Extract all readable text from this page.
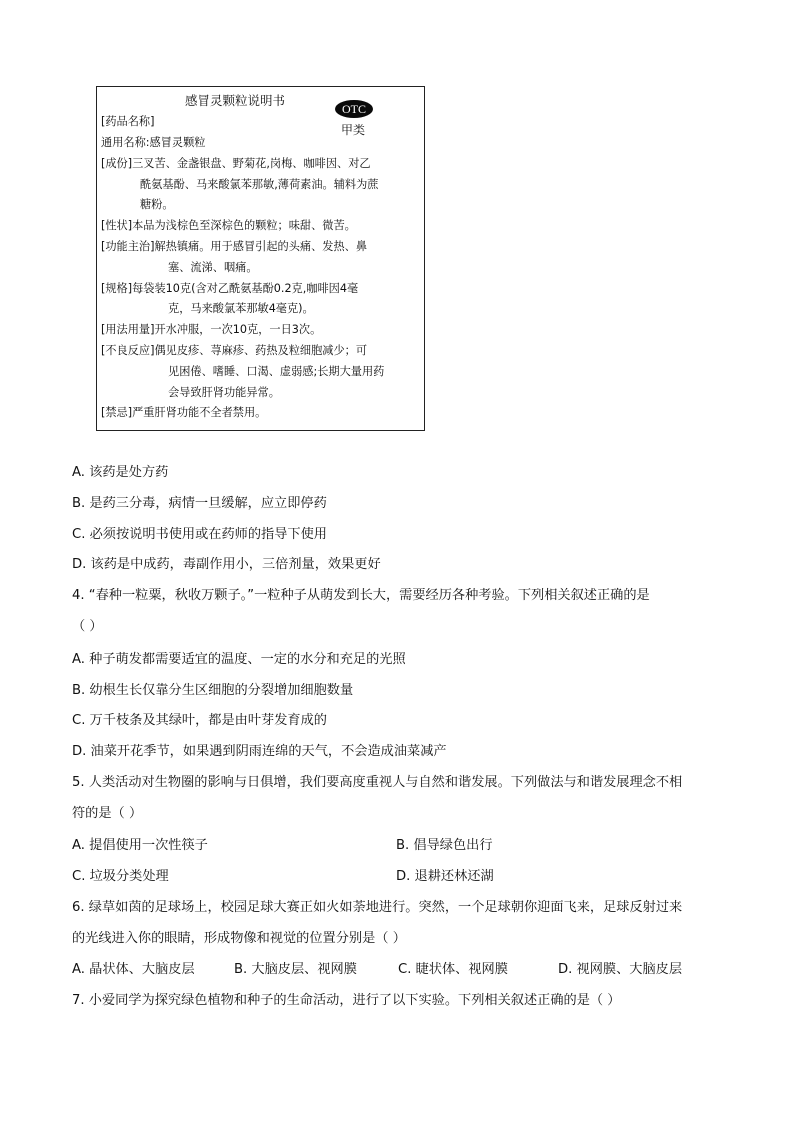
感冒灵颗粒说明书
OTC
甲类
[药品名称]
通用名称:感冒灵颗粒
[成份]三叉苦、金盏银盘、野菊花,岗梅、咖啡因、对乙
酰氨基酚、马来酸氯苯那敏,薄荷素油。辅料为蔗
糖粉。
[性状]本品为浅棕色至深棕色的颗粒；味甜、微苦。
[功能主治]解热镇痛。用于感冒引起的头痛、发热、鼻
塞、流涕、咽痛。
[规格]每袋装10克(含对乙酰氨基酚0.2克,咖啡因4毫
克，马来酸氯苯那敏4毫克)。
[用法用量]开水冲服，一次10克，一日3次。
[不良反应]偶见皮疹、荨麻疹、药热及粒细胞减少；可
见困倦、嗜睡、口渴、虚弱感;长期大量用药
会导致肝肾功能异常。
[禁忌]严重肝肾功能不全者禁用。
A. 该药是处方药
B. 是药三分毒，病情一旦缓解，应立即停药
C. 必须按说明书使用或在药师的指导下使用
D. 该药是中成药，毒副作用小，三倍剂量，效果更好
4. “春种一粒粟，秋收万颗子。”一粒种子从萌发到长大，需要经历各种考验。下列相关叙述正确的是
（ ）
A. 种子萌发都需要适宜的温度、一定的水分和充足的光照
B. 幼根生长仅靠分生区细胞的分裂增加细胞数量
C. 万千枝条及其绿叶，都是由叶芽发育成的
D. 油菜开花季节，如果遇到阴雨连绵的天气，不会造成油菜减产
5. 人类活动对生物圈的影响与日俱增，我们要高度重视人与自然和谐发展。下列做法与和谐发展理念不相
符的是（ ）
A. 提倡使用一次性筷子	B. 倡导绿色出行
C. 垃圾分类处理	D. 退耕还林还湖
6. 绿草如茵的足球场上，校园足球大赛正如火如荼地进行。突然，一个足球朝你迎面飞来，足球反射过来
的光线进入你的眼睛，形成物像和视觉的位置分别是（ ）
A. 晶状体、大脑皮层	B. 大脑皮层、视网膜	C. 睫状体、视网膜	D. 视网膜、大脑皮层
7. 小爱同学为探究绿色植物和种子的生命活动，进行了以下实验。下列相关叙述正确的是（ ）
